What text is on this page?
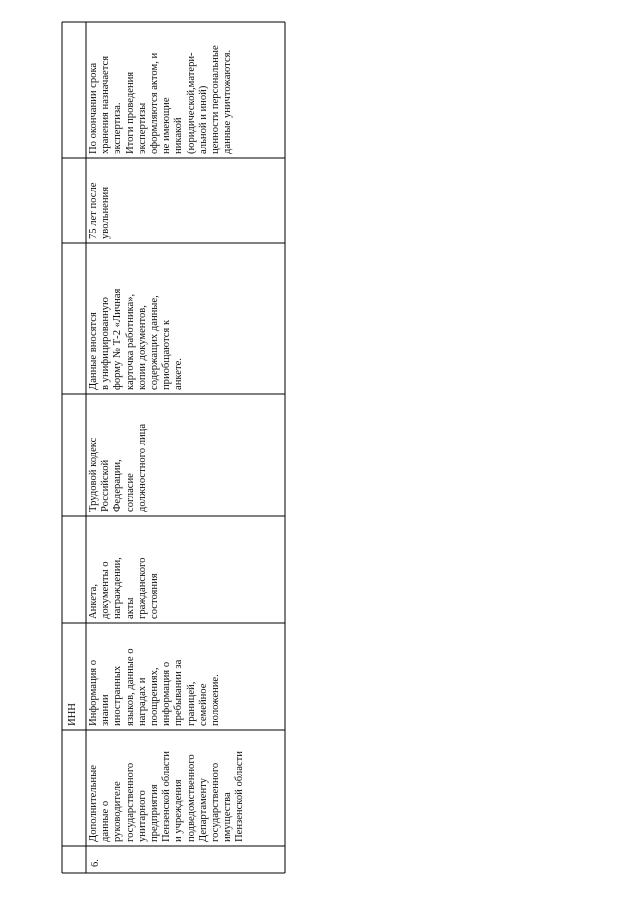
ИНН
6.
Дополнительные
данные о
руководителе
государственного
унитарного
предприятия
Пензенской области
и учреждения
подведомственного
Департаменту
государственного
имущества
Пензенской области
Информация о
знании
иностранных
языков, данные о
наградах и
поощрениях,
информация о
пребывании за
границей,
семейное
положение.
Анкета,
документы о
награждении,
акты
гражданского
состояния
Трудовой кодекс
Российской
Федерации,
согласие
должностного лица
Данные вносятся
в унифицированную
форму № Т-2 «Личная
карточка работника»,
копии документов,
содержащих данные,
приобщаются к
анкете.
75 лет после
увольнения
По окончании срока
хранения назначается
экспертиза.
Итоги проведения
экспертизы
оформляются актом, и
не имеющие
никакой
(юридической,матери-
альной и иной)
ценности персональные
данные уничтожаются.
